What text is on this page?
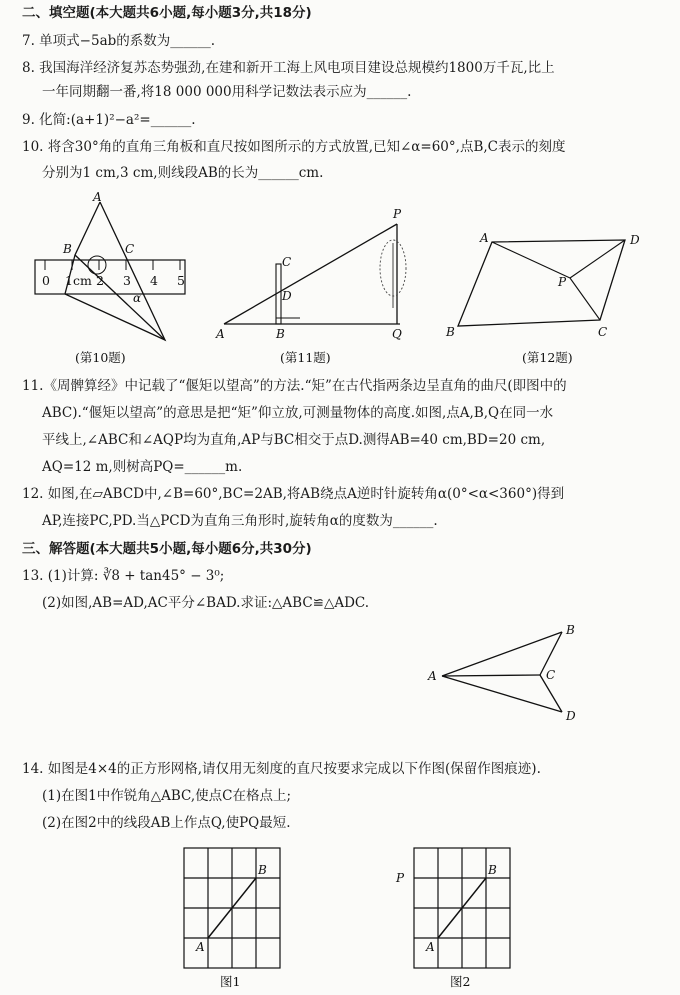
二、填空题(本大题共6小题,每小题3分,共18分)
7. 单项式−5ab的系数为______.
8. 我国海洋经济复苏态势强劲,在建和新开工海上风电项目建设总规模约1800万千瓦,比上
一年同期翻一番,将18 000 000用科学记数法表示应为______.
9. 化简:(a+1)²−a²=______.
10. 将含30°角的直角三角板和直尺按如图所示的方式放置,已知∠α=60°,点B,C表示的刻度
分别为1 cm,3 cm,则线段AB的长为______cm.
A
B	C
α
0 1cm 2 3 4 5
(第10题)
P
C
D
A	B	Q
(第11题)
A	D
P
B	C
(第12题)
11.《周髀算经》中记载了“偃矩以望高”的方法.“矩”在古代指两条边呈直角的曲尺(即图中的
ABC).“偃矩以望高”的意思是把“矩”仰立放,可测量物体的高度.如图,点A,B,Q在同一水
平线上,∠ABC和∠AQP均为直角,AP与BC相交于点D.测得AB=40 cm,BD=20 cm,
AQ=12 m,则树高PQ=______m.
12. 如图,在▱ABCD中,∠B=60°,BC=2AB,将AB绕点A逆时针旋转角α(0°<α<360°)得到
AP,连接PC,PD.当△PCD为直角三角形时,旋转角α的度数为______.
三、解答题(本大题共5小题,每小题6分,共30分)
13. (1)计算: ∛8 + tan45° − 3⁰;
(2)如图,AB=AD,AC平分∠BAD.求证:△ABC≌△ADC.
A
B
C
D
14. 如图是4×4的正方形网格,请仅用无刻度的直尺按要求完成以下作图(保留作图痕迹).
(1)在图1中作锐角△ABC,使点C在格点上;
(2)在图2中的线段AB上作点Q,使PQ最短.
A
B
图1
P
A
B
图2
